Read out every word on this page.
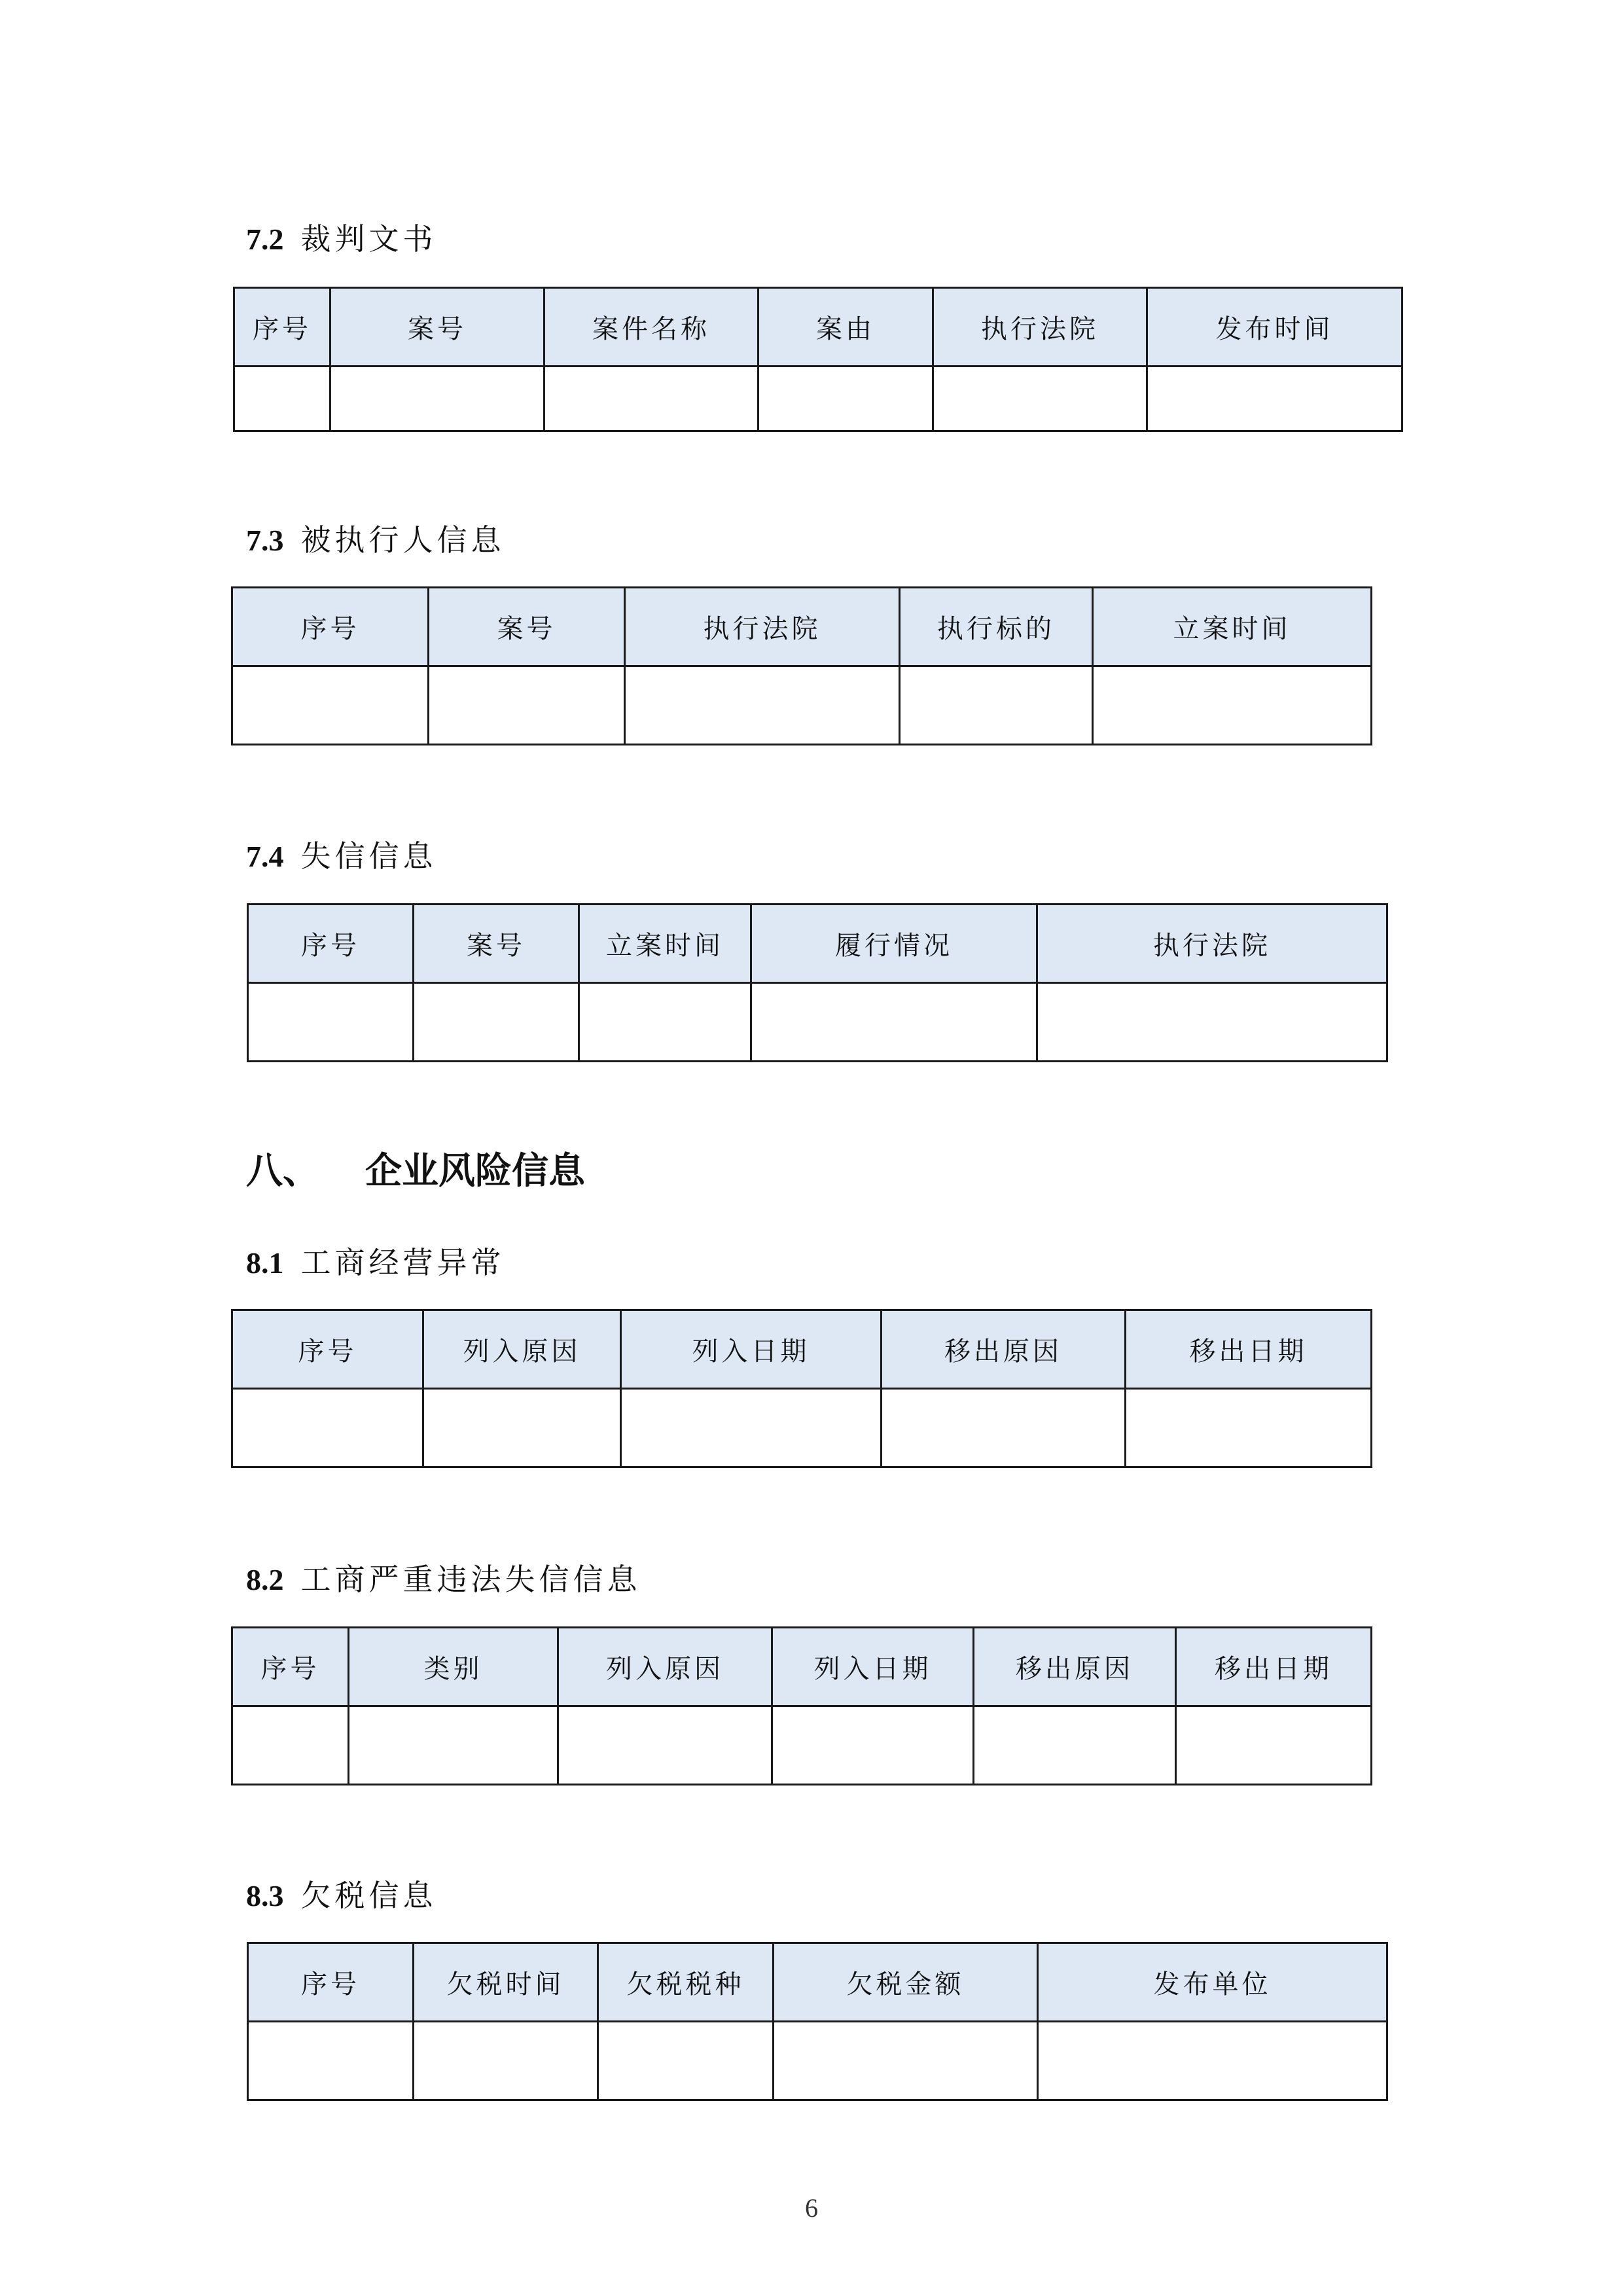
7.2 裁判文书
序号	案号	案件名称	案由	执行法院	发布时间

7.3 被执行人信息
序号	案号	执行法院	执行标的	立案时间

7.4 失信信息
序号	案号	立案时间	履行情况	执行法院

八、 企业风险信息
8.1 工商经营异常
序号	列入原因	列入日期	移出原因	移出日期

8.2 工商严重违法失信信息
序号	类别	列入原因	列入日期	移出原因	移出日期

8.3 欠税信息
序号	欠税时间	欠税税种	欠税金额	发布单位

6
